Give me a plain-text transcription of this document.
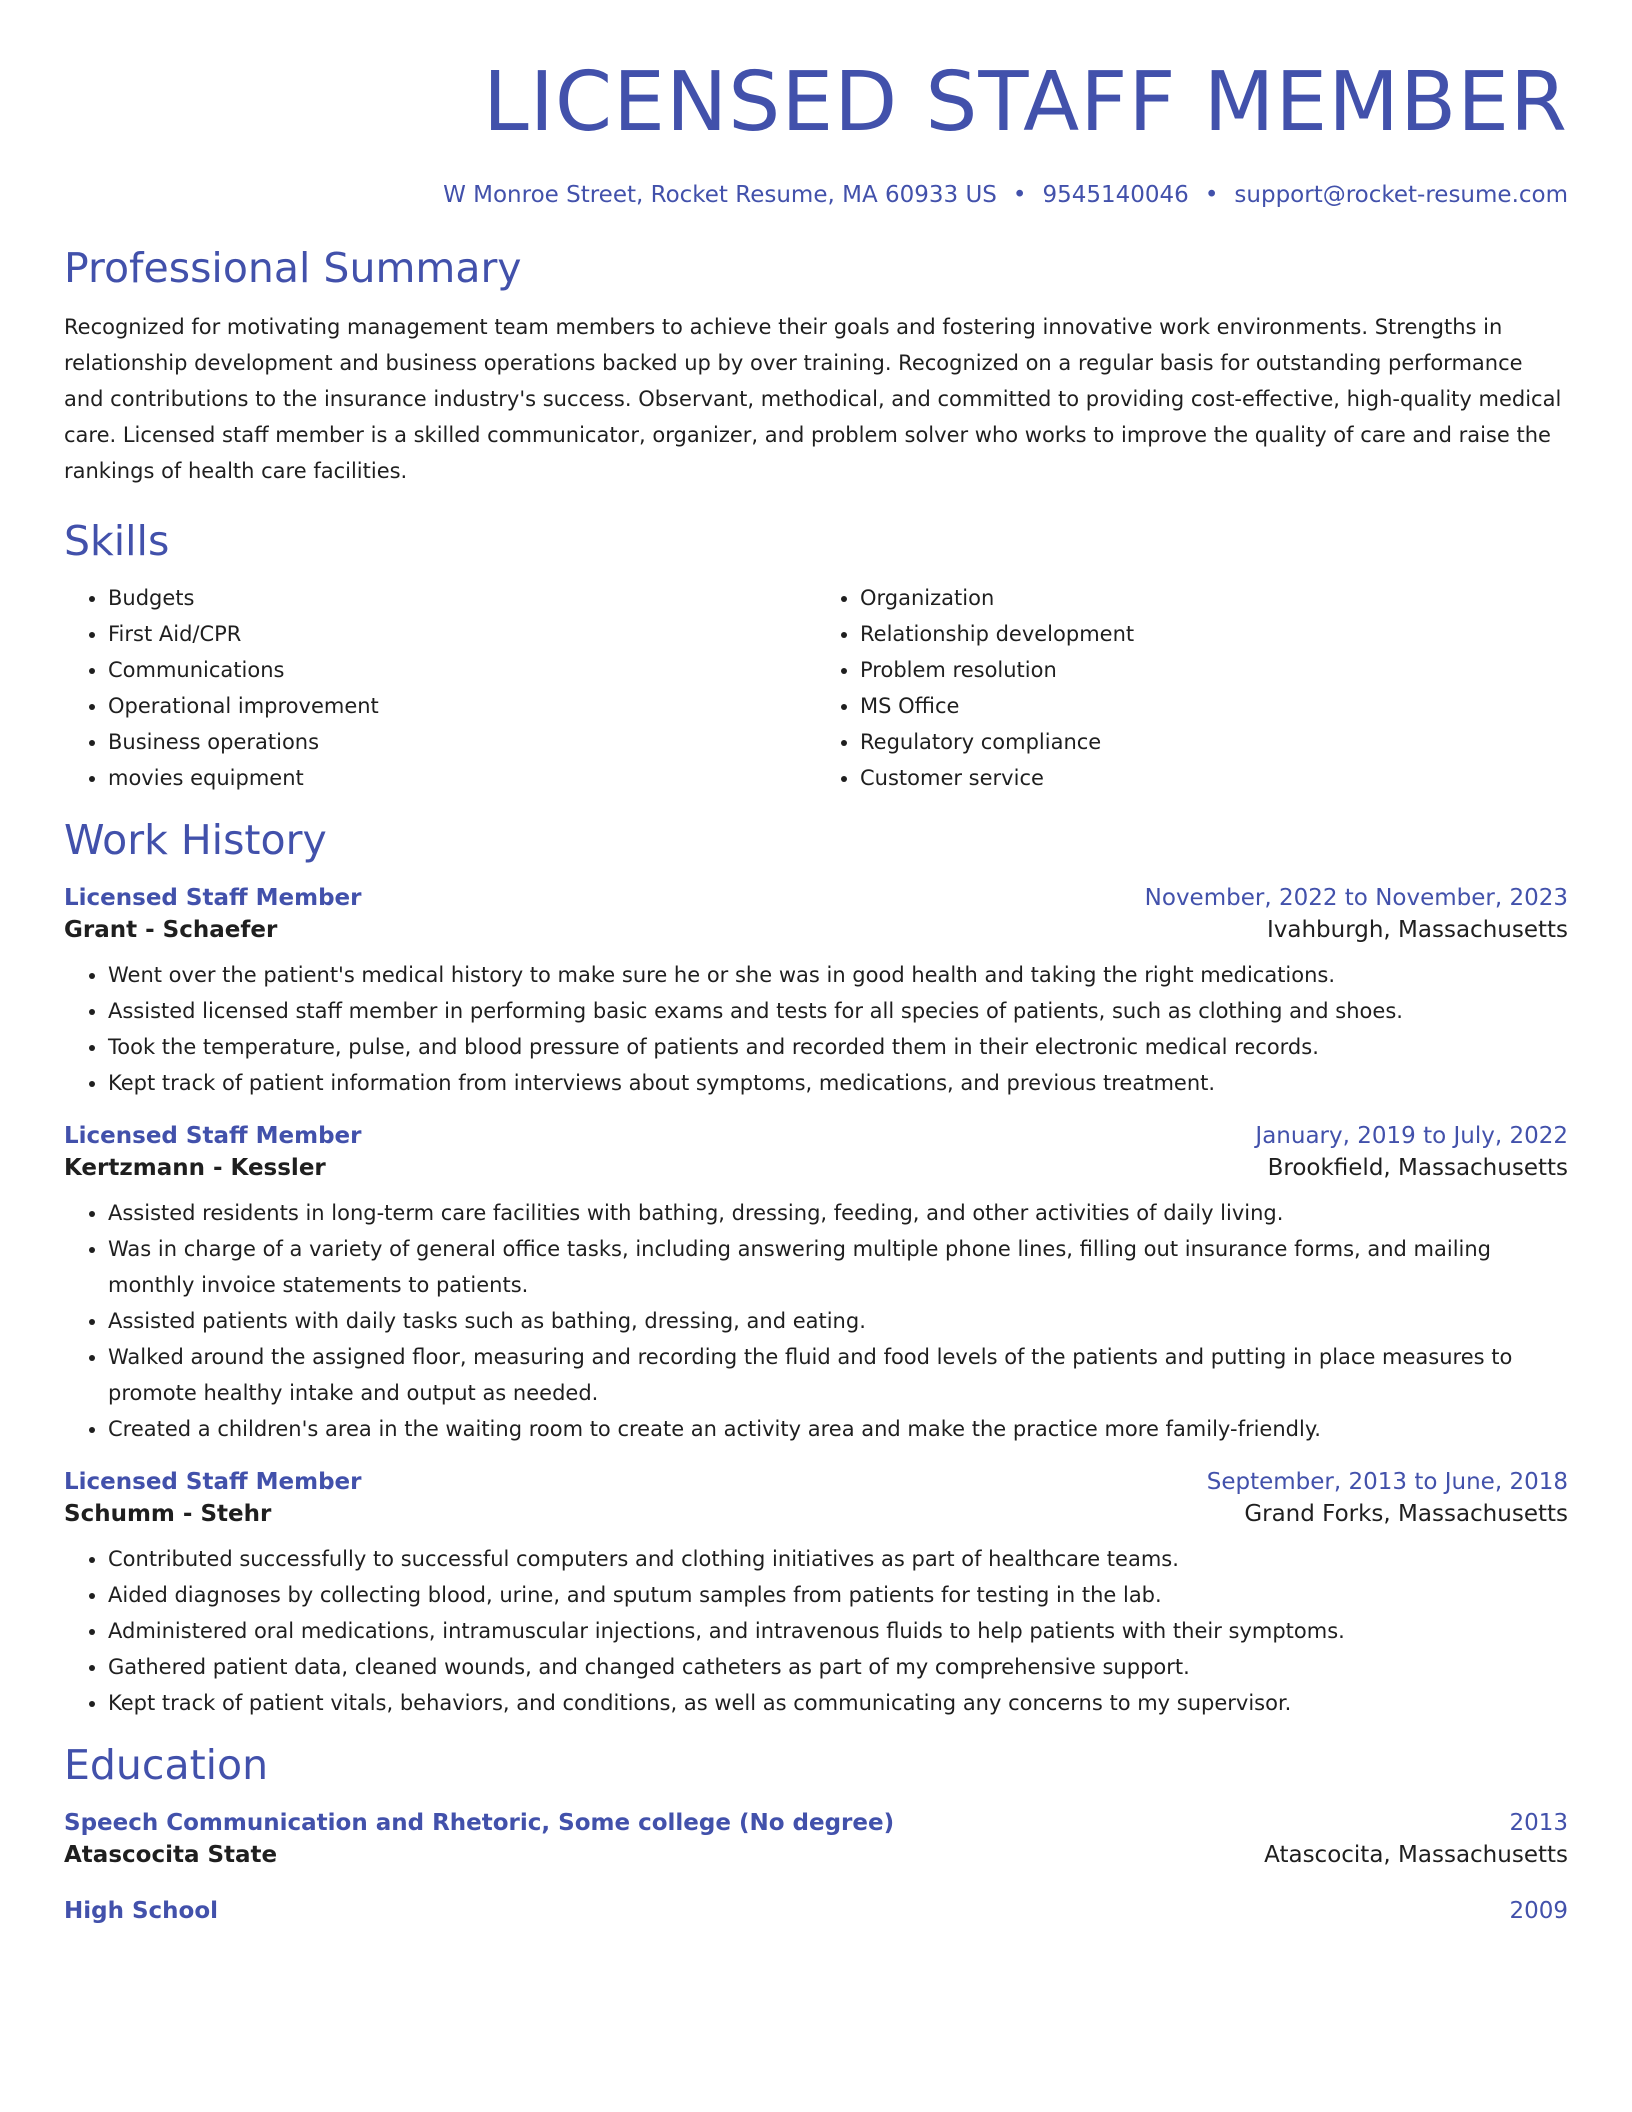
LICENSED STAFF MEMBER
W Monroe Street, Rocket Resume, MA 60933 US • 9545140046 • support@rocket-resume.com
Professional Summary
Recognized for motivating management team members to achieve their goals and fostering innovative work environments. Strengths in relationship development and business operations backed up by over training. Recognized on a regular basis for outstanding performance and contributions to the insurance industry's success. Observant, methodical, and committed to providing cost-effective, high-quality medical care. Licensed staff member is a skilled communicator, organizer, and problem solver who works to improve the quality of care and raise the rankings of health care facilities.
Skills
• Budgets
• First Aid/CPR
• Communications
• Operational improvement
• Business operations
• movies equipment
• Organization
• Relationship development
• Problem resolution
• MS Office
• Regulatory compliance
• Customer service
Work History
Licensed Staff Member	November, 2022 to November, 2023
Grant - Schaefer	Ivahburgh, Massachusetts
• Went over the patient's medical history to make sure he or she was in good health and taking the right medications.
• Assisted licensed staff member in performing basic exams and tests for all species of patients, such as clothing and shoes.
• Took the temperature, pulse, and blood pressure of patients and recorded them in their electronic medical records.
• Kept track of patient information from interviews about symptoms, medications, and previous treatment.
Licensed Staff Member	January, 2019 to July, 2022
Kertzmann - Kessler	Brookfield, Massachusetts
• Assisted residents in long-term care facilities with bathing, dressing, feeding, and other activities of daily living.
• Was in charge of a variety of general office tasks, including answering multiple phone lines, filling out insurance forms, and mailing monthly invoice statements to patients.
• Assisted patients with daily tasks such as bathing, dressing, and eating.
• Walked around the assigned floor, measuring and recording the fluid and food levels of the patients and putting in place measures to promote healthy intake and output as needed.
• Created a children's area in the waiting room to create an activity area and make the practice more family-friendly.
Licensed Staff Member	September, 2013 to June, 2018
Schumm - Stehr	Grand Forks, Massachusetts
• Contributed successfully to successful computers and clothing initiatives as part of healthcare teams.
• Aided diagnoses by collecting blood, urine, and sputum samples from patients for testing in the lab.
• Administered oral medications, intramuscular injections, and intravenous fluids to help patients with their symptoms.
• Gathered patient data, cleaned wounds, and changed catheters as part of my comprehensive support.
• Kept track of patient vitals, behaviors, and conditions, as well as communicating any concerns to my supervisor.
Education
Speech Communication and Rhetoric, Some college (No degree)	2013
Atascocita State	Atascocita, Massachusetts
High School	2009
